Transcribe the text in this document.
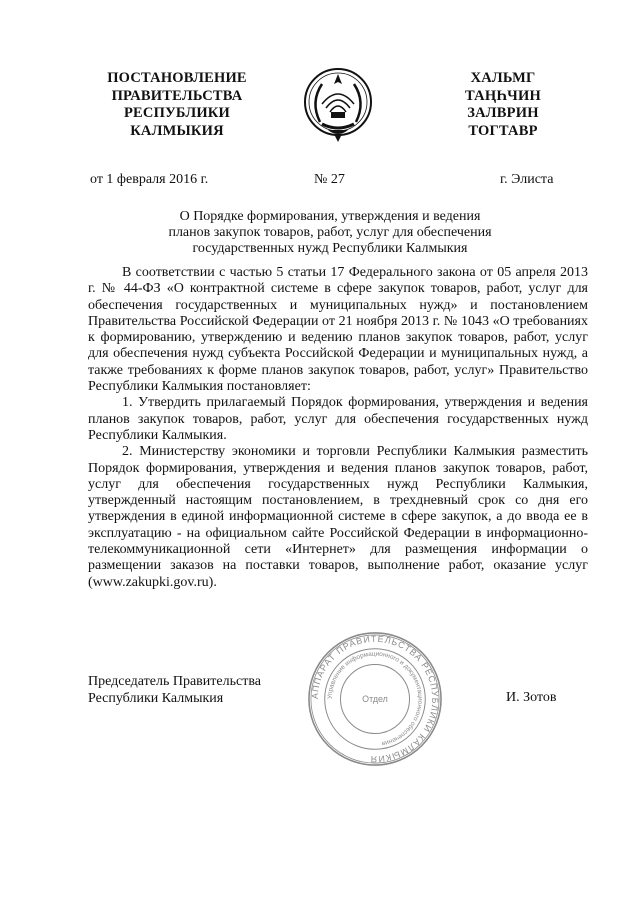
ПОСТАНОВЛЕНИЕ
ПРАВИТЕЛЬСТВА
РЕСПУБЛИКИ
КАЛМЫКИЯ
ХАЛЬМГ
ТАҢҺЧИН
ЗАЛВРИН
ТОГТАВР
от 1 февраля 2016 г.	№ 27	г. Элиста
О Порядке формирования, утверждения и ведения
планов закупок товаров, работ, услуг для обеспечения
государственных нужд Республики Калмыкия

В соответствии с частью 5 статьи 17 Федерального закона от 05 апреля 2013 г. № 44-ФЗ «О контрактной системе в сфере закупок товаров, работ, услуг для обеспечения государственных и муниципальных нужд» и постановлением Правительства Российской Федерации от 21 ноября 2013 г. № 1043 «О требованиях к формированию, утверждению и ведению планов закупок товаров, работ, услуг для обеспечения нужд субъекта Российской Федерации и муниципальных нужд, а также требованиях к форме планов закупок товаров, работ, услуг» Правительство Республики Калмыкия постановляет:

1. Утвердить прилагаемый Порядок формирования, утверждения и ведения планов закупок товаров, работ, услуг для обеспечения государственных нужд Республики Калмыкия.

2. Министерству экономики и торговли Республики Калмыкия разместить Порядок формирования, утверждения и ведения планов закупок товаров, работ, услуг для обеспечения государственных нужд Республики Калмыкия, утвержденный настоящим постановлением, в трехдневный срок со дня его утверждения в единой информационной системе в сфере закупок, а до ввода ее в эксплуатацию - на официальном сайте Российской Федерации в информационно-телекоммуникационной сети «Интернет» для размещения информации о размещении заказов на поставки товаров, выполнение работ, оказание услуг (www.zakupki.gov.ru).

Председатель Правительства
Республики Калмыкия	И. Зотов
АППАРАТ ПРАВИТЕЛЬСТВА РЕСПУБЛИКИ КАЛМЫКИЯ
Управление информационного и документационного обеспечения
Отдел
